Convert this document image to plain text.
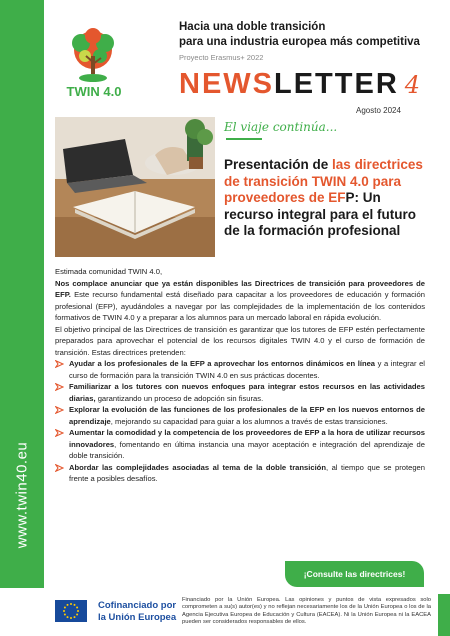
www.twin40.eu
TWIN 4.0
Hacia una doble transición
para una industria europea más competitiva
Proyecto Erasmus+ 2022
NEWSLETTER 4
Agosto 2024
El viaje continúa...
Presentación de las directrices de transición TWIN 4.0 para proveedores de EFP: Un recurso integral para el futuro de la formación profesional

Estimada comunidad TWIN 4.0,

Nos complace anunciar que ya están disponibles las Directrices de transición para proveedores de EFP. Este recurso fundamental está diseñado para capacitar a los proveedores de educación y formación profesional (EFP), ayudándoles a navegar por las complejidades de la implementación de los contenidos formativos de TWIN 4.0 y a preparar a los alumnos para un mercado laboral en rápida evolución.

El objetivo principal de las Directrices de transición es garantizar que los tutores de EFP estén perfectamente preparados para aprovechar el potencial de los recursos digitales TWIN 4.0 y el curso de formación de transición. Estas directrices pretenden:

Ayudar a los profesionales de la EFP a aprovechar los entornos dinámicos en línea y a integrar el curso de formación para la transición TWIN 4.0 en sus prácticas docentes.
Familiarizar a los tutores con nuevos enfoques para integrar estos recursos en las actividades diarias, garantizando un proceso de adopción sin fisuras.
Explorar la evolución de las funciones de los profesionales de la EFP en los nuevos entornos de aprendizaje, mejorando su capacidad para guiar a los alumnos a través de estas transiciones.
Aumentar la comodidad y la competencia de los proveedores de EFP a la hora de utilizar recursos innovadores, fomentando en última instancia una mayor aceptación e integración del aprendizaje de doble transición.
Abordar las complejidades asociadas al tema de la doble transición, al tiempo que se protegen frente a posibles desafíos.
¡Consulte las directrices!
Cofinanciado por
la Unión Europea
Financiado por la Unión Europea. Las opiniones y puntos de vista expresados solo comprometen a su(s) autor(es) y no reflejan necesariamente los de la Unión Europea o los de la Agencia Ejecutiva Europea de Educación y Cultura (EACEA). Ni la Unión Europea ni la EACEA pueden ser considerados responsables de ellos.
